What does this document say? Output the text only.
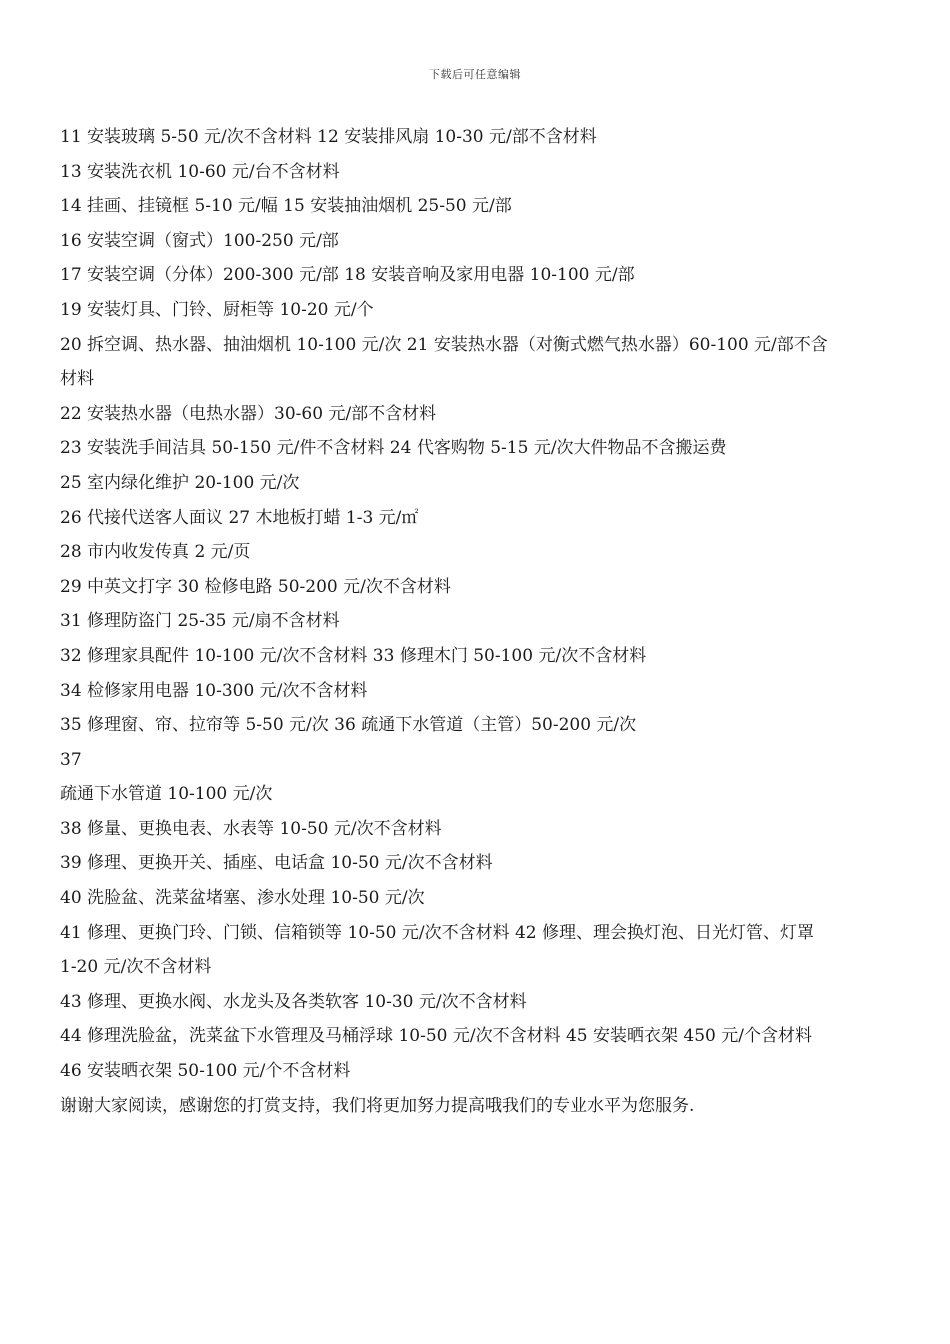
下载后可任意编辑
11 安装玻璃 5-50 元/次不含材料 12 安装排风扇 10-30 元/部不含材料
13 安装洗衣机 10-60 元/台不含材料
14 挂画、挂镜框 5-10 元/幅 15 安装抽油烟机 25-50 元/部
16 安装空调（窗式）100-250 元/部
17 安装空调（分体）200-300 元/部 18 安装音响及家用电器 10-100 元/部
19 安装灯具、门铃、厨柜等 10-20 元/个
20 拆空调、热水器、抽油烟机 10-100 元/次 21 安装热水器（对衡式燃气热水器）60-100 元/部不含
材料
22 安装热水器（电热水器）30-60 元/部不含材料
23 安装洗手间洁具 50-150 元/件不含材料 24 代客购物 5-15 元/次大件物品不含搬运费
25 室内绿化维护 20-100 元/次
26 代接代送客人面议 27 木地板打蜡 1-3 元/㎡
28 市内收发传真 2 元/页
29 中英文打字 30 检修电路 50-200 元/次不含材料
31 修理防盗门 25-35 元/扇不含材料
32 修理家具配件 10-100 元/次不含材料 33 修理木门 50-100 元/次不含材料
34 检修家用电器 10-300 元/次不含材料
35 修理窗、帘、拉帘等 5-50 元/次 36 疏通下水管道（主管）50-200 元/次
37
疏通下水管道 10-100 元/次
38 修量、更换电表、水表等 10-50 元/次不含材料
39 修理、更换开关、插座、电话盒 10-50 元/次不含材料
40 洗脸盆、洗菜盆堵塞、渗水处理 10-50 元/次
41 修理、更换门玲、门锁、信箱锁等 10-50 元/次不含材料 42 修理、理会换灯泡、日光灯管、灯罩
1-20 元/次不含材料
43 修理、更换水阀、水龙头及各类软客 10-30 元/次不含材料
44 修理洗脸盆，洗菜盆下水管理及马桶浮球 10-50 元/次不含材料 45 安装晒衣架 450 元/个含材料
46 安装晒衣架 50-100 元/个不含材料
谢谢大家阅读，感谢您的打赏支持，我们将更加努力提高哦我们的专业水平为您服务.
